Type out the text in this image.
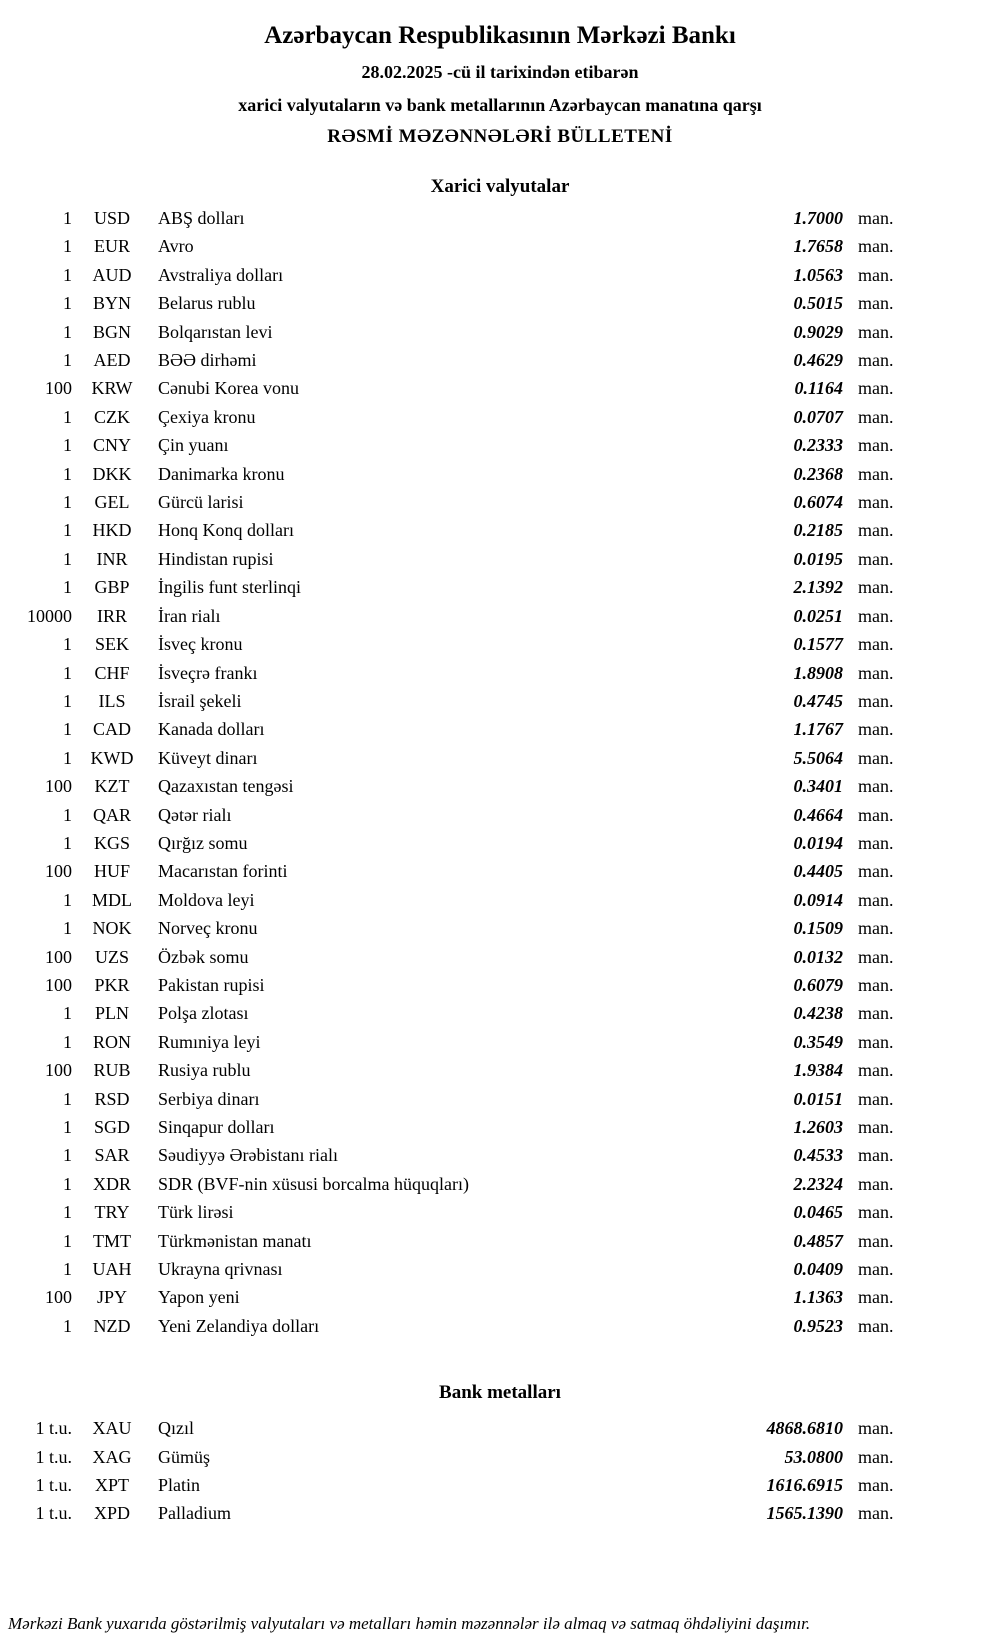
Azərbaycan Respublikasının Mərkəzi Bankı
28.02.2025 -cü il tarixindən etibarən
xarici valyutaların və bank metallarının Azərbaycan manatına qarşı
RƏSMİ MƏZƏNNƏLƏRİ BÜLLETENİ
Xarici valyutalar
1	USD	ABŞ dolları	1.7000 man.
1	EUR	Avro	1.7658 man.
1	AUD	Avstraliya dolları	1.0563 man.
1	BYN	Belarus rublu	0.5015 man.
1	BGN	Bolqarıstan levi	0.9029 man.
1	AED	BƏƏ dirhəmi	0.4629 man.
100	KRW	Cənubi Korea vonu	0.1164 man.
1	CZK	Çexiya kronu	0.0707 man.
1	CNY	Çin yuanı	0.2333 man.
1	DKK	Danimarka kronu	0.2368 man.
1	GEL	Gürcü larisi	0.6074 man.
1	HKD	Honq Konq dolları	0.2185 man.
1	INR	Hindistan rupisi	0.0195 man.
1	GBP	İngilis funt sterlinqi	2.1392 man.
10000	IRR	İran rialı	0.0251 man.
1	SEK	İsveç kronu	0.1577 man.
1	CHF	İsveçrə frankı	1.8908 man.
1	ILS	İsrail şekeli	0.4745 man.
1	CAD	Kanada dolları	1.1767 man.
1	KWD	Küveyt dinarı	5.5064 man.
100	KZT	Qazaxıstan tengəsi	0.3401 man.
1	QAR	Qətər rialı	0.4664 man.
1	KGS	Qırğız somu	0.0194 man.
100	HUF	Macarıstan forinti	0.4405 man.
1	MDL	Moldova leyi	0.0914 man.
1	NOK	Norveç kronu	0.1509 man.
100	UZS	Özbək somu	0.0132 man.
100	PKR	Pakistan rupisi	0.6079 man.
1	PLN	Polşa zlotası	0.4238 man.
1	RON	Rumıniya leyi	0.3549 man.
100	RUB	Rusiya rublu	1.9384 man.
1	RSD	Serbiya dinarı	0.0151 man.
1	SGD	Sinqapur dolları	1.2603 man.
1	SAR	Səudiyyə Ərəbistanı rialı	0.4533 man.
1	XDR	SDR (BVF-nin xüsusi borcalma hüquqları)	2.2324 man.
1	TRY	Türk lirəsi	0.0465 man.
1	TMT	Türkmənistan manatı	0.4857 man.
1	UAH	Ukrayna qrivnası	0.0409 man.
100	JPY	Yapon yeni	1.1363 man.
1	NZD	Yeni Zelandiya dolları	0.9523 man.
Bank metalları
1 t.u.	XAU	Qızıl	4868.6810 man.
1 t.u.	XAG	Gümüş	53.0800 man.
1 t.u.	XPT	Platin	1616.6915 man.
1 t.u.	XPD	Palladium	1565.1390 man.
Mərkəzi Bank yuxarıda göstərilmiş valyutaları və metalları həmin məzənnələr ilə almaq və satmaq öhdəliyini daşımır.
